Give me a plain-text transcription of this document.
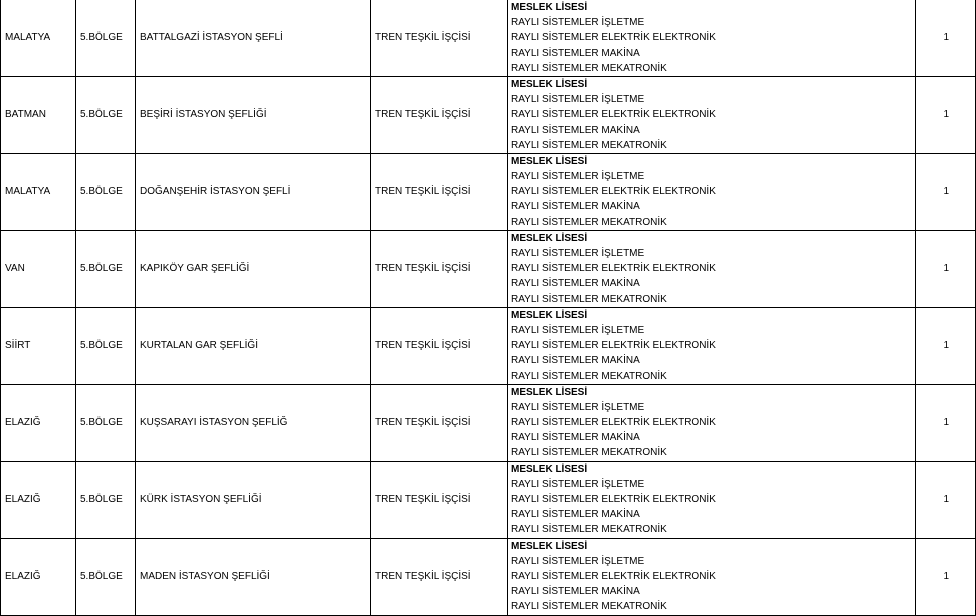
MALATYA	5.BÖLGE	BATTALGAZİ İSTASYON ŞEFLİ	TREN TEŞKİL İŞÇİSİ	MESLEK LİSESİ
RAYLI SİSTEMLER İŞLETME
RAYLI SİSTEMLER ELEKTRİK ELEKTRONİK
RAYLI SİSTEMLER MAKİNA
RAYLI SİSTEMLER MEKATRONİK	1
BATMAN	5.BÖLGE	BEŞİRİ İSTASYON ŞEFLİĞİ	TREN TEŞKİL İŞÇİSİ	MESLEK LİSESİ
RAYLI SİSTEMLER İŞLETME
RAYLI SİSTEMLER ELEKTRİK ELEKTRONİK
RAYLI SİSTEMLER MAKİNA
RAYLI SİSTEMLER MEKATRONİK	1
MALATYA	5.BÖLGE	DOĞANŞEHİR İSTASYON ŞEFLİ	TREN TEŞKİL İŞÇİSİ	MESLEK LİSESİ
RAYLI SİSTEMLER İŞLETME
RAYLI SİSTEMLER ELEKTRİK ELEKTRONİK
RAYLI SİSTEMLER MAKİNA
RAYLI SİSTEMLER MEKATRONİK	1
VAN	5.BÖLGE	KAPIKÖY GAR ŞEFLİĞİ	TREN TEŞKİL İŞÇİSİ	MESLEK LİSESİ
RAYLI SİSTEMLER İŞLETME
RAYLI SİSTEMLER ELEKTRİK ELEKTRONİK
RAYLI SİSTEMLER MAKİNA
RAYLI SİSTEMLER MEKATRONİK	1
SİİRT	5.BÖLGE	KURTALAN GAR ŞEFLİĞİ	TREN TEŞKİL İŞÇİSİ	MESLEK LİSESİ
RAYLI SİSTEMLER İŞLETME
RAYLI SİSTEMLER ELEKTRİK ELEKTRONİK
RAYLI SİSTEMLER MAKİNA
RAYLI SİSTEMLER MEKATRONİK	1
ELAZIĞ	5.BÖLGE	KUŞSARAYI İSTASYON ŞEFLİĞ	TREN TEŞKİL İŞÇİSİ	MESLEK LİSESİ
RAYLI SİSTEMLER İŞLETME
RAYLI SİSTEMLER ELEKTRİK ELEKTRONİK
RAYLI SİSTEMLER MAKİNA
RAYLI SİSTEMLER MEKATRONİK	1
ELAZIĞ	5.BÖLGE	KÜRK İSTASYON ŞEFLİĞİ	TREN TEŞKİL İŞÇİSİ	MESLEK LİSESİ
RAYLI SİSTEMLER İŞLETME
RAYLI SİSTEMLER ELEKTRİK ELEKTRONİK
RAYLI SİSTEMLER MAKİNA
RAYLI SİSTEMLER MEKATRONİK	1
ELAZIĞ	5.BÖLGE	MADEN İSTASYON ŞEFLİĞİ	TREN TEŞKİL İŞÇİSİ	MESLEK LİSESİ
RAYLI SİSTEMLER İŞLETME
RAYLI SİSTEMLER ELEKTRİK ELEKTRONİK
RAYLI SİSTEMLER MAKİNA
RAYLI SİSTEMLER MEKATRONİK	1
